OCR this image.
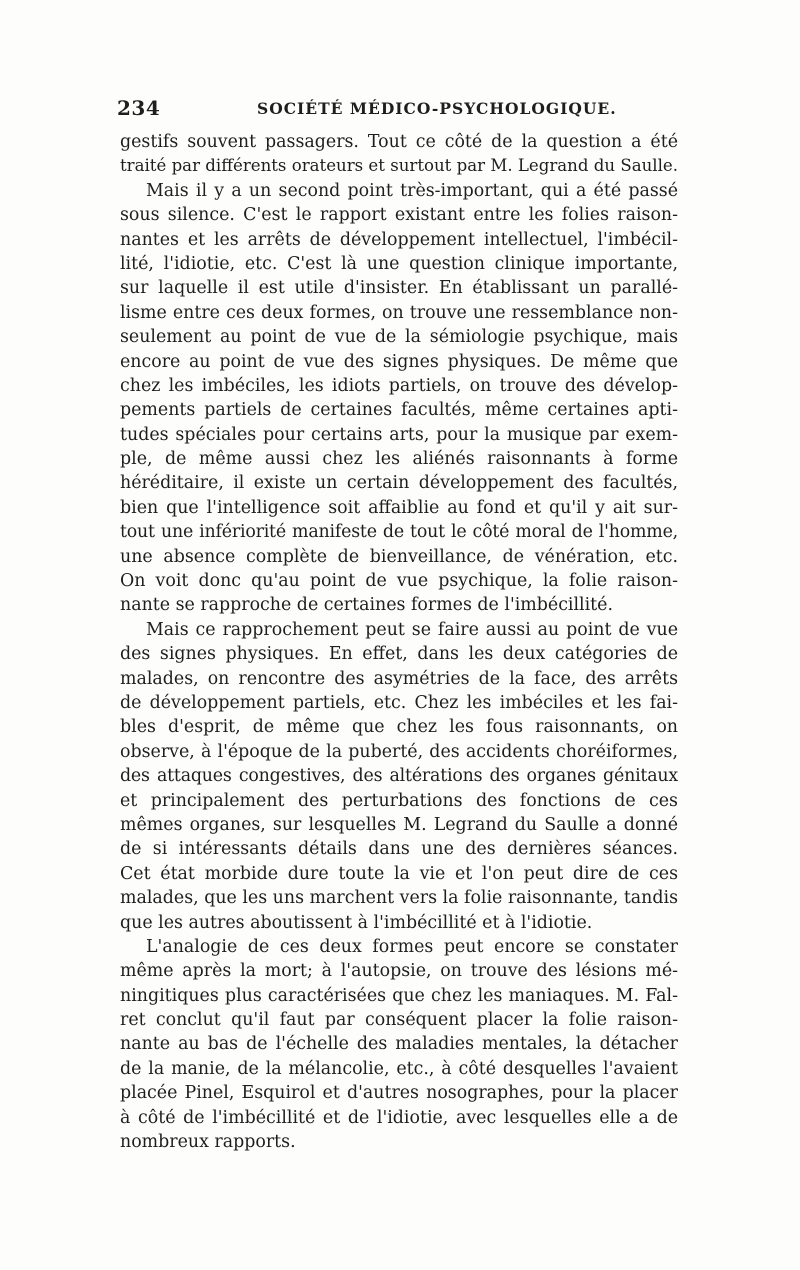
234	SOCIÉTÉ MÉDICO-PSYCHOLOGIQUE.
gestifs souvent passagers. Tout ce côté de la question a été
traité par différents orateurs et surtout par M. Legrand du Saulle.
Mais il y a un second point très-important, qui a été passé
sous silence. C'est le rapport existant entre les folies raison-
nantes et les arrêts de développement intellectuel, l'imbécil-
lité, l'idiotie, etc. C'est là une question clinique importante,
sur laquelle il est utile d'insister. En établissant un parallé-
lisme entre ces deux formes, on trouve une ressemblance non-
seulement au point de vue de la sémiologie psychique, mais
encore au point de vue des signes physiques. De même que
chez les imbéciles, les idiots partiels, on trouve des dévelop-
pements partiels de certaines facultés, même certaines apti-
tudes spéciales pour certains arts, pour la musique par exem-
ple, de même aussi chez les aliénés raisonnants à forme
héréditaire, il existe un certain développement des facultés,
bien que l'intelligence soit affaiblie au fond et qu'il y ait sur-
tout une infériorité manifeste de tout le côté moral de l'homme,
une absence complète de bienveillance, de vénération, etc.
On voit donc qu'au point de vue psychique, la folie raison-
nante se rapproche de certaines formes de l'imbécillité.
Mais ce rapprochement peut se faire aussi au point de vue
des signes physiques. En effet, dans les deux catégories de
malades, on rencontre des asymétries de la face, des arrêts
de développement partiels, etc. Chez les imbéciles et les fai-
bles d'esprit, de même que chez les fous raisonnants, on
observe, à l'époque de la puberté, des accidents choréiformes,
des attaques congestives, des altérations des organes génitaux
et principalement des perturbations des fonctions de ces
mêmes organes, sur lesquelles M. Legrand du Saulle a donné
de si intéressants détails dans une des dernières séances.
Cet état morbide dure toute la vie et l'on peut dire de ces
malades, que les uns marchent vers la folie raisonnante, tandis
que les autres aboutissent à l'imbécillité et à l'idiotie.
L'analogie de ces deux formes peut encore se constater
même après la mort; à l'autopsie, on trouve des lésions mé-
ningitiques plus caractérisées que chez les maniaques. M. Fal-
ret conclut qu'il faut par conséquent placer la folie raison-
nante au bas de l'échelle des maladies mentales, la détacher
de la manie, de la mélancolie, etc., à côté desquelles l'avaient
placée Pinel, Esquirol et d'autres nosographes, pour la placer
à côté de l'imbécillité et de l'idiotie, avec lesquelles elle a de
nombreux rapports.
